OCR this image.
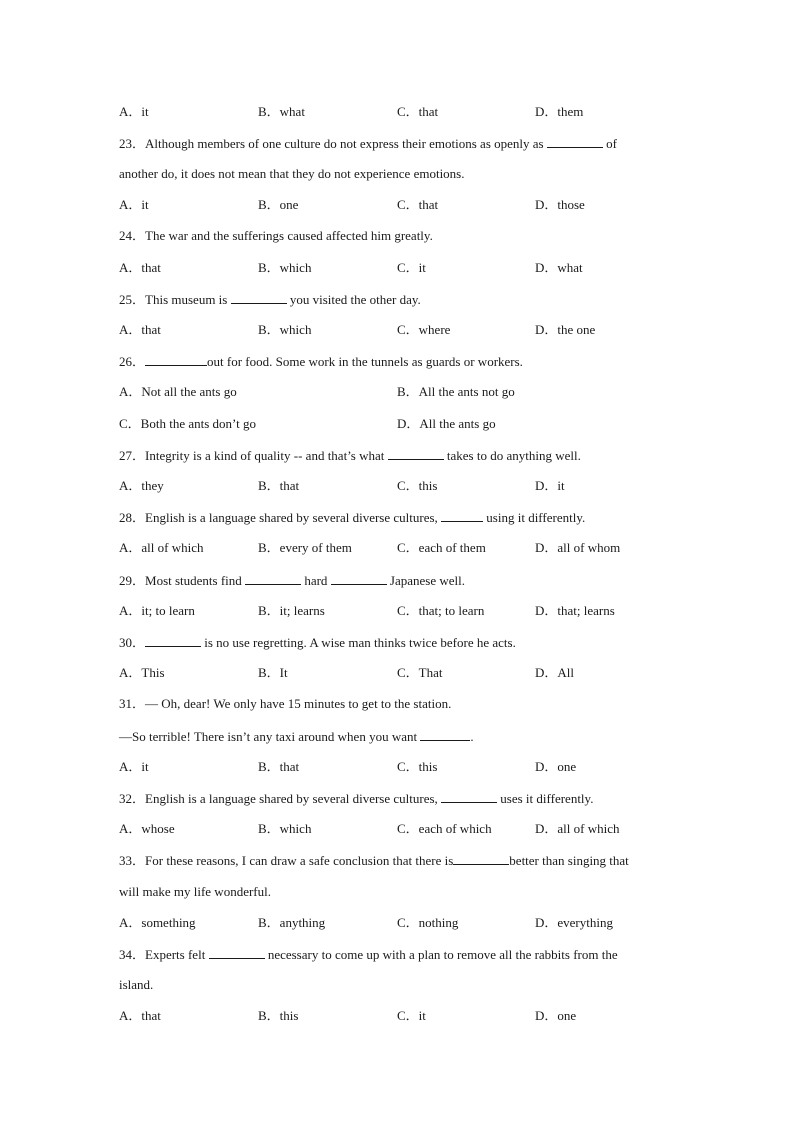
A．it	B．what	C．that	D．them
23．Although members of one culture do not express their emotions as openly as	of
another do, it does not mean that they do not experience emotions.
A．it	B．one	C．that	D．those
24．The war and the sufferings caused affected him greatly.
A．that	B．which	C．it	D．what
25．This museum is	you visited the other day.
A．that	B．which	C．where	D．the one
26．	out for food. Some work in the tunnels as guards or workers.
A．Not all the ants go	B．All the ants not go
C．Both the ants don’t go	D．All the ants go
27．Integrity is a kind of quality -- and that’s what	takes to do anything well.
A．they	B．that	C．this	D．it
28．English is a language shared by several diverse cultures,	using it differently.
A．all of which	B．every of them	C．each of them	D．all of whom
29．Most students find	hard	Japanese well.
A．it; to learn	B．it; learns	C．that; to learn	D．that; learns
30．	is no use regretting. A wise man thinks twice before he acts.
A．This	B．It	C．That	D．All
31．— Oh, dear! We only have 15 minutes to get to the station.
—So terrible! There isn’t any taxi around when you want	.
A．it	B．that	C．this	D．one
32．English is a language shared by several diverse cultures,	uses it differently.
A．whose	B．which	C．each of which	D．all of which
33．For these reasons, I can draw a safe conclusion that there is	better than singing that
will make my life wonderful.
A．something	B．anything	C．nothing	D．everything
34．Experts felt	necessary to come up with a plan to remove all the rabbits from the
island.
A．that	B．this	C．it	D．one
